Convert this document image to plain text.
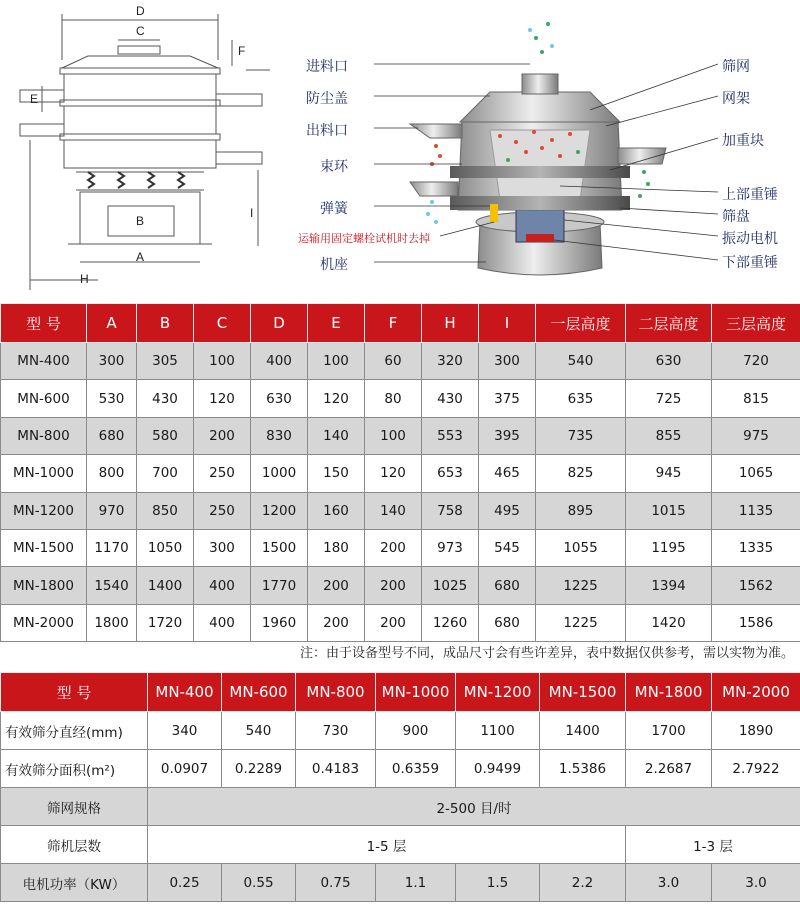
D
C
F
E
B
A
H
I
进料口
防尘盖
出料口
束环
弹簧
运输用固定螺栓试机时去掉
机座
筛网
网架
加重块
上部重锤
筛盘
振动电机
下部重锤
型 号	A	B	C	D	E	F	H	I	一层高度	二层高度	三层高度
MN-400	300	305	100	400	100	60	320	300	540	630	720
MN-600	530	430	120	630	120	80	430	375	635	725	815
MN-800	680	580	200	830	140	100	553	395	735	855	975
MN-1000	800	700	250	1000	150	120	653	465	825	945	1065
MN-1200	970	850	250	1200	160	140	758	495	895	1015	1135
MN-1500	1170	1050	300	1500	180	200	973	545	1055	1195	1335
MN-1800	1540	1400	400	1770	200	200	1025	680	1225	1394	1562
MN-2000	1800	1720	400	1960	200	200	1260	680	1225	1420	1586
注：由于设备型号不同，成品尺寸会有些许差异，表中数据仅供参考，需以实物为准。
型 号	MN-400	MN-600	MN-800	MN-1000	MN-1200	MN-1500	MN-1800	MN-2000
有效筛分直经(mm)	340	540	730	900	1100	1400	1700	1890
有效筛分面积(m²)	0.0907	0.2289	0.4183	0.6359	0.9499	1.5386	2.2687	2.7922
筛网规格	2-500 目/时							
筛机层数	1-5 层						1-3 层	
电机功率（KW）	0.25	0.55	0.75	1.1	1.5	2.2	3.0	3.0
